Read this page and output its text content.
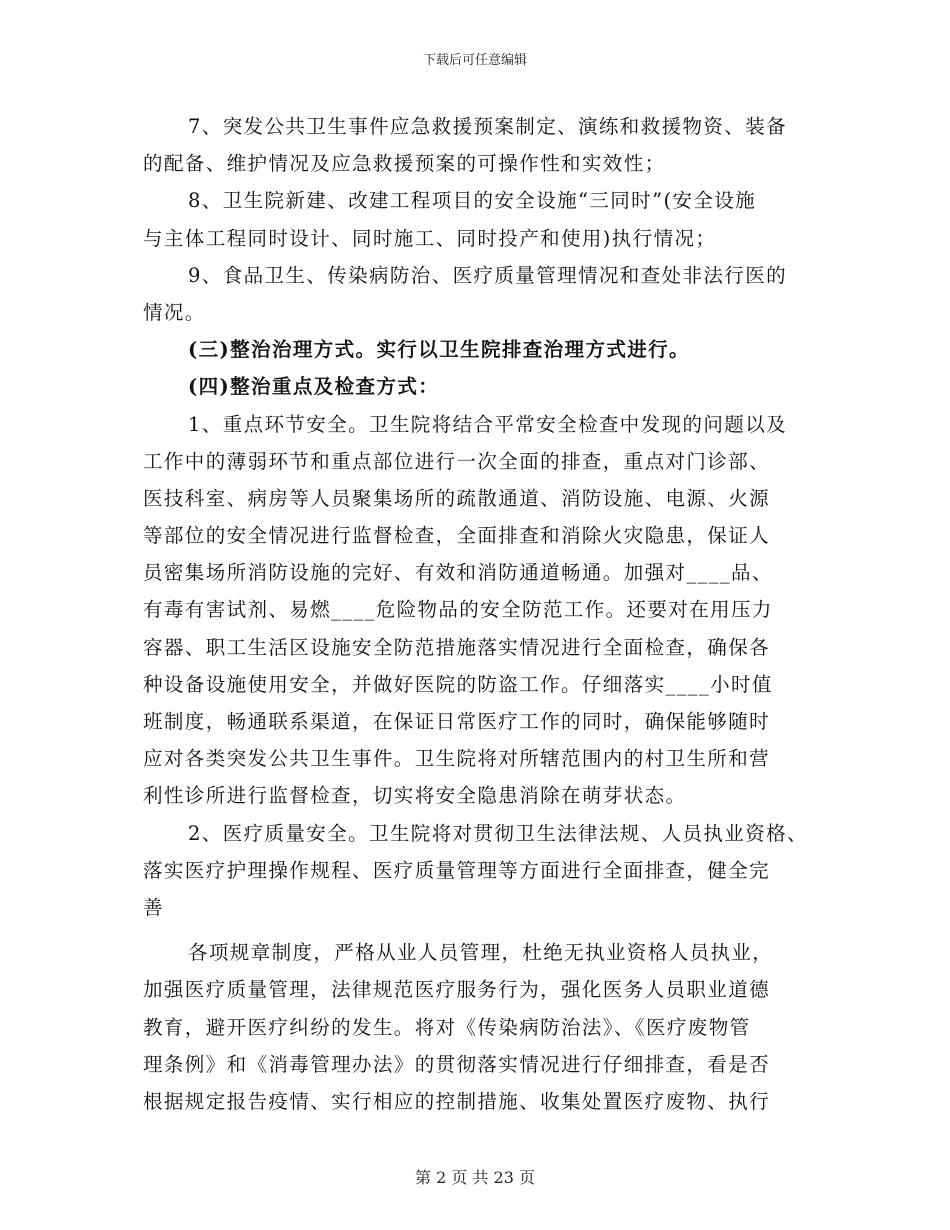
下载后可任意编辑
7、突发公共卫生事件应急救援预案制定、演练和救援物资、装备
的配备、维护情况及应急救援预案的可操作性和实效性；
8、卫生院新建、改建工程项目的安全设施“三同时”(安全设施
与主体工程同时设计、同时施工、同时投产和使用)执行情况；
9、食品卫生、传染病防治、医疗质量管理情况和查处非法行医的
情况。
(三)整治治理方式。实行以卫生院排查治理方式进行。
(四)整治重点及检查方式：
1、重点环节安全。卫生院将结合平常安全检查中发现的问题以及
工作中的薄弱环节和重点部位进行一次全面的排查，重点对门诊部、
医技科室、病房等人员聚集场所的疏散通道、消防设施、电源、火源
等部位的安全情况进行监督检查，全面排查和消除火灾隐患，保证人
员密集场所消防设施的完好、有效和消防通道畅通。加强对____品、
有毒有害试剂、易燃____危险物品的安全防范工作。还要对在用压力
容器、职工生活区设施安全防范措施落实情况进行全面检查，确保各
种设备设施使用安全，并做好医院的防盗工作。仔细落实____小时值
班制度，畅通联系渠道，在保证日常医疗工作的同时，确保能够随时
应对各类突发公共卫生事件。卫生院将对所辖范围内的村卫生所和营
利性诊所进行监督检查，切实将安全隐患消除在萌芽状态。
2、医疗质量安全。卫生院将对贯彻卫生法律法规、人员执业资格、
落实医疗护理操作规程、医疗质量管理等方面进行全面排查，健全完
善
各项规章制度，严格从业人员管理，杜绝无执业资格人员执业，
加强医疗质量管理，法律规范医疗服务行为，强化医务人员职业道德
教育，避开医疗纠纷的发生。将对《传染病防治法》、《医疗废物管
理条例》和《消毒管理办法》的贯彻落实情况进行仔细排查，看是否
根据规定报告疫情、实行相应的控制措施、收集处置医疗废物、执行
第 2 页 共 23 页
